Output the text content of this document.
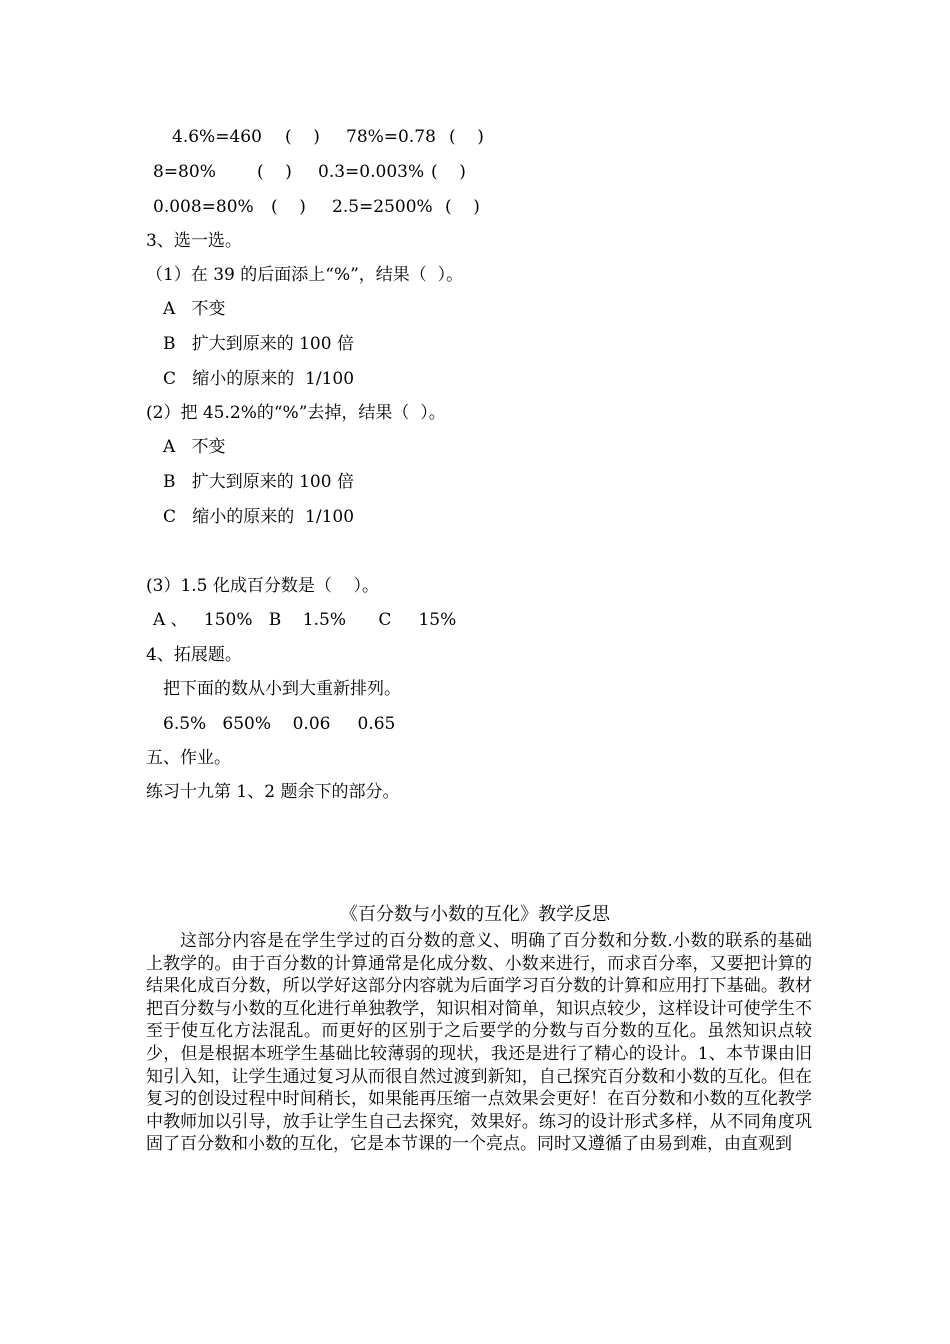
4.6%=460 (    ) 78%=0.78 (    )
8=80% (    ) 0.3=0.003% (    )
0.008=80% (    ) 2.5=2500% (    )
3、选一选。
（1）在 39 的后面添上“%”，结果（  ）。
A   不变
B   扩大到原来的 100 倍
C   缩小的原来的  1/100
(2）把 45.2%的“%”去掉，结果（  ）。
A   不变
B   扩大到原来的 100 倍
C   缩小的原来的  1/100
(3）1.5 化成百分数是（    ）。
A 、   150%   B    1.5%      C     15%
4、拓展题。
把下面的数从小到大重新排列。
6.5%   650%    0.06     0.65
五、作业。
练习十九第 1、2 题余下的部分。
《百分数与小数的互化》教学反思
这部分内容是在学生学过的百分数的意义、明确了百分数和分数.小数的联系的基础上教学的。由于百分数的计算通常是化成分数、小数来进行，而求百分率，又要把计算的结果化成百分数，所以学好这部分内容就为后面学习百分数的计算和应用打下基础。教材把百分数与小数的互化进行单独教学，知识相对简单，知识点较少，这样设计可使学生不至于使互化方法混乱。而更好的区别于之后要学的分数与百分数的互化。虽然知识点较少，但是根据本班学生基础比较薄弱的现状，我还是进行了精心的设计。1、本节课由旧知引入知，让学生通过复习从而很自然过渡到新知，自己探究百分数和小数的互化。但在复习的创设过程中时间稍长，如果能再压缩一点效果会更好！在百分数和小数的互化教学中教师加以引导，放手让学生自己去探究，效果好。练习的设计形式多样，从不同角度巩固了百分数和小数的互化，它是本节课的一个亮点。同时又遵循了由易到难，由直观到
